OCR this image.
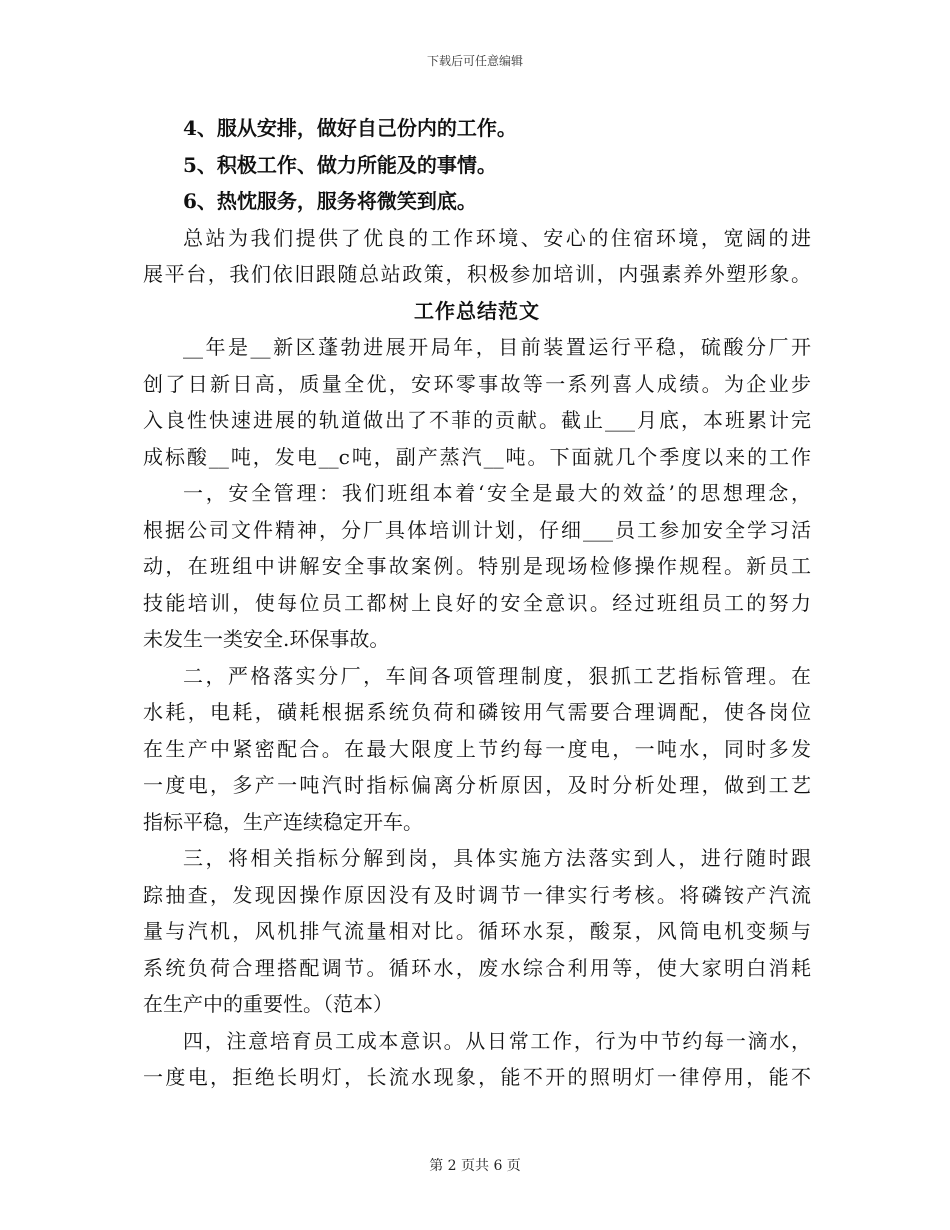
下载后可任意编辑
4、服从安排，做好自己份内的工作。
5、积极工作、做力所能及的事情。
6、热忱服务，服务将微笑到底。
总站为我们提供了优良的工作环境、安心的住宿环境，宽阔的进
展平台，我们依旧跟随总站政策，积极参加培训，内强素养外塑形象。
工作总结范文
__年是__新区蓬勃进展开局年，目前装置运行平稳，硫酸分厂开
创了日新日高，质量全优，安环零事故等一系列喜人成绩。为企业步
入良性快速进展的轨道做出了不菲的贡献。截止___月底，本班累计完
成标酸__吨，发电__c吨，副产蒸汽__吨。下面就几个季度以来的工作
一，安全管理：我们班组本着‘安全是最大的效益’的思想理念，
根据公司文件精神，分厂具体培训计划，仔细___员工参加安全学习活
动，在班组中讲解安全事故案例。特别是现场检修操作规程。新员工
技能培训，使每位员工都树上良好的安全意识。经过班组员工的努力
未发生一类安全.环保事故。
二，严格落实分厂，车间各项管理制度，狠抓工艺指标管理。在
水耗，电耗，磺耗根据系统负荷和磷铵用气需要合理调配，使各岗位
在生产中紧密配合。在最大限度上节约每一度电，一吨水，同时多发
一度电，多产一吨汽时指标偏离分析原因，及时分析处理，做到工艺
指标平稳，生产连续稳定开车。
三，将相关指标分解到岗，具体实施方法落实到人，进行随时跟
踪抽查，发现因操作原因没有及时调节一律实行考核。将磷铵产汽流
量与汽机，风机排气流量相对比。循环水泵，酸泵，风筒电机变频与
系统负荷合理搭配调节。循环水，废水综合利用等，使大家明白消耗
在生产中的重要性。（范本）
四，注意培育员工成本意识。从日常工作，行为中节约每一滴水，
一度电，拒绝长明灯，长流水现象，能不开的照明灯一律停用，能不
第 2 页共 6 页
